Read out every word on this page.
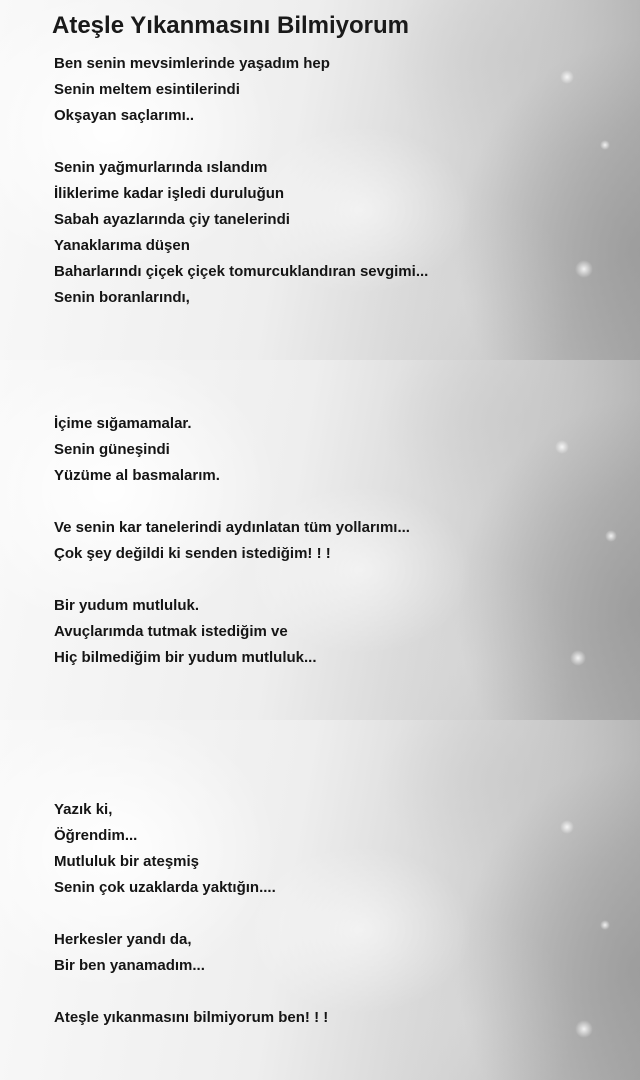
Ateşle Yıkanmasını Bilmiyorum
Ben senin mevsimlerinde yaşadım hep
Senin meltem esintilerindi
Okşayan saçlarımı..
Senin yağmurlarında ıslandım
İliklerime kadar işledi duruluğun
Sabah ayazlarında çiy tanelerindi
Yanaklarıma düşen
Baharlarındı çiçek çiçek tomurcuklandıran sevgimi...
Senin boranlarındı,
İçime sığamamalar.
Senin güneşindi
Yüzüme al basmalarım.
Ve senin kar tanelerindi aydınlatan tüm yollarımı...
Çok şey değildi ki senden istediğim! ! !
Bir yudum mutluluk.
Avuçlarımda tutmak istediğim ve
Hiç bilmediğim bir yudum mutluluk...
Yazık ki,
Öğrendim...
Mutluluk bir ateşmiş
Senin çok uzaklarda yaktığın....
Herkesler yandı da,
Bir ben yanamadım...
Ateşle yıkanmasını bilmiyorum ben! ! !
